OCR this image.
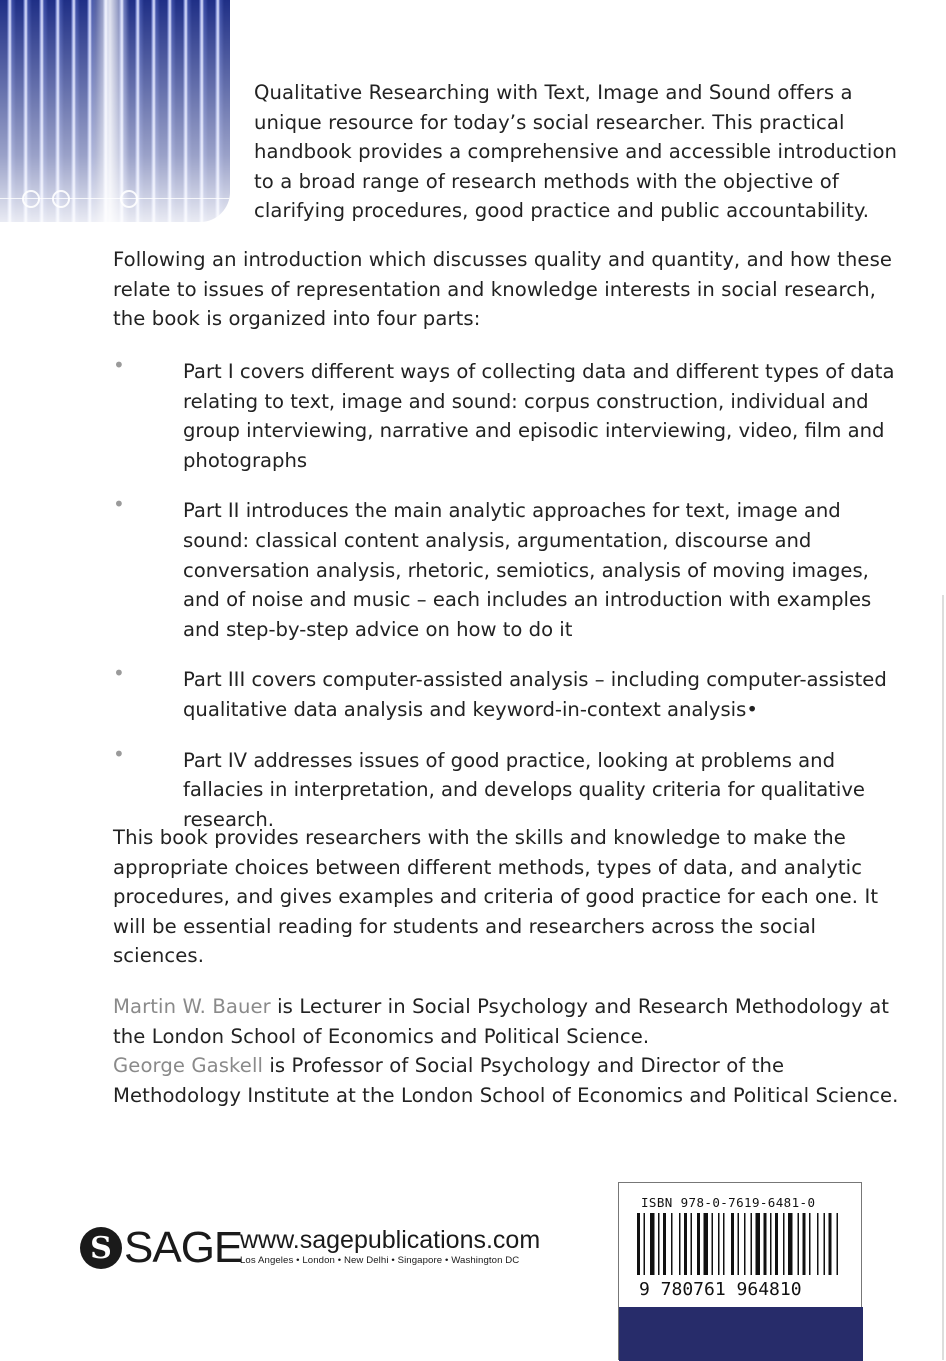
Qualitative Researching with Text, Image and Sound offers a unique resource for today’s social researcher. This practical handbook provides a comprehensive and accessible introduction to a broad range of research methods with the objective of clarifying procedures, good practice and public accountability.

Following an introduction which discusses quality and quantity, and how these relate to issues of representation and knowledge interests in social research, the book is organized into four parts:

•	Part I covers different ways of collecting data and different types of data relating to text, image and sound: corpus construction, individual and group interviewing, narrative and episodic interviewing, video, film and photographs
•	Part II introduces the main analytic approaches for text, image and sound: classical content analysis, argumentation, discourse and conversation analysis, rhetoric, semiotics, analysis of moving images, and of noise and music – each includes an introduction with examples and step-by-step advice on how to do it
•	Part III covers computer-assisted analysis – including computer-assisted qualitative data analysis and keyword-in-context analysis•
•	Part IV addresses issues of good practice, looking at problems and fallacies in interpretation, and develops quality criteria for qualitative research.

This book provides researchers with the skills and knowledge to make the appropriate choices between different methods, types of data, and analytic procedures, and gives examples and criteria of good practice for each one. It will be essential reading for students and researchers across the social sciences.

Martin W. Bauer is Lecturer in Social Psychology and Research Methodology at the London School of Economics and Political Science.
George Gaskell is Professor of Social Psychology and Director of the Methodology Institute at the London School of Economics and Political Science.

S SAGE
www.sagepublications.com
Los Angeles • London • New Delhi • Singapore • Washington DC
ISBN 978-0-7619-6481-0
9 780761 964810
